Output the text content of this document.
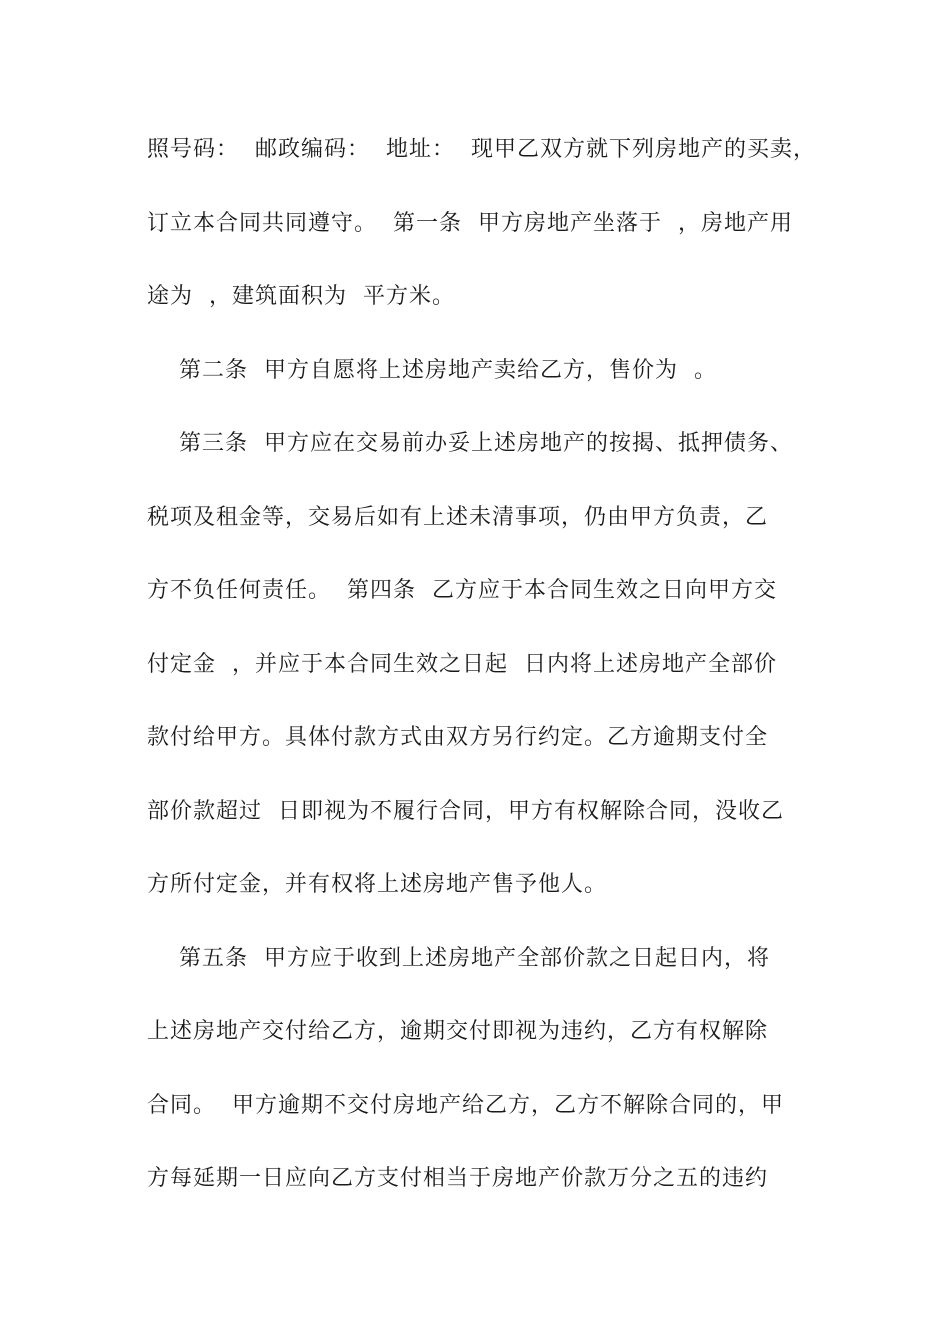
照号码：  邮政编码：  地址：  现甲乙双方就下列房地产的买卖，
订立本合同共同遵守。  第一条  甲方房地产坐落于  ，房地产用
途为  ，建筑面积为  平方米。
第二条  甲方自愿将上述房地产卖给乙方，售价为  。
第三条  甲方应在交易前办妥上述房地产的按揭、抵押债务、
税项及租金等，交易后如有上述未清事项，仍由甲方负责，乙
方不负任何责任。  第四条  乙方应于本合同生效之日向甲方交
付定金  ，并应于本合同生效之日起  日内将上述房地产全部价
款付给甲方。具体付款方式由双方另行约定。乙方逾期支付全
部价款超过  日即视为不履行合同，甲方有权解除合同，没收乙
方所付定金，并有权将上述房地产售予他人。
第五条  甲方应于收到上述房地产全部价款之日起日内，将
上述房地产交付给乙方，逾期交付即视为违约，乙方有权解除
合同。  甲方逾期不交付房地产给乙方，乙方不解除合同的，甲
方每延期一日应向乙方支付相当于房地产价款万分之五的违约
